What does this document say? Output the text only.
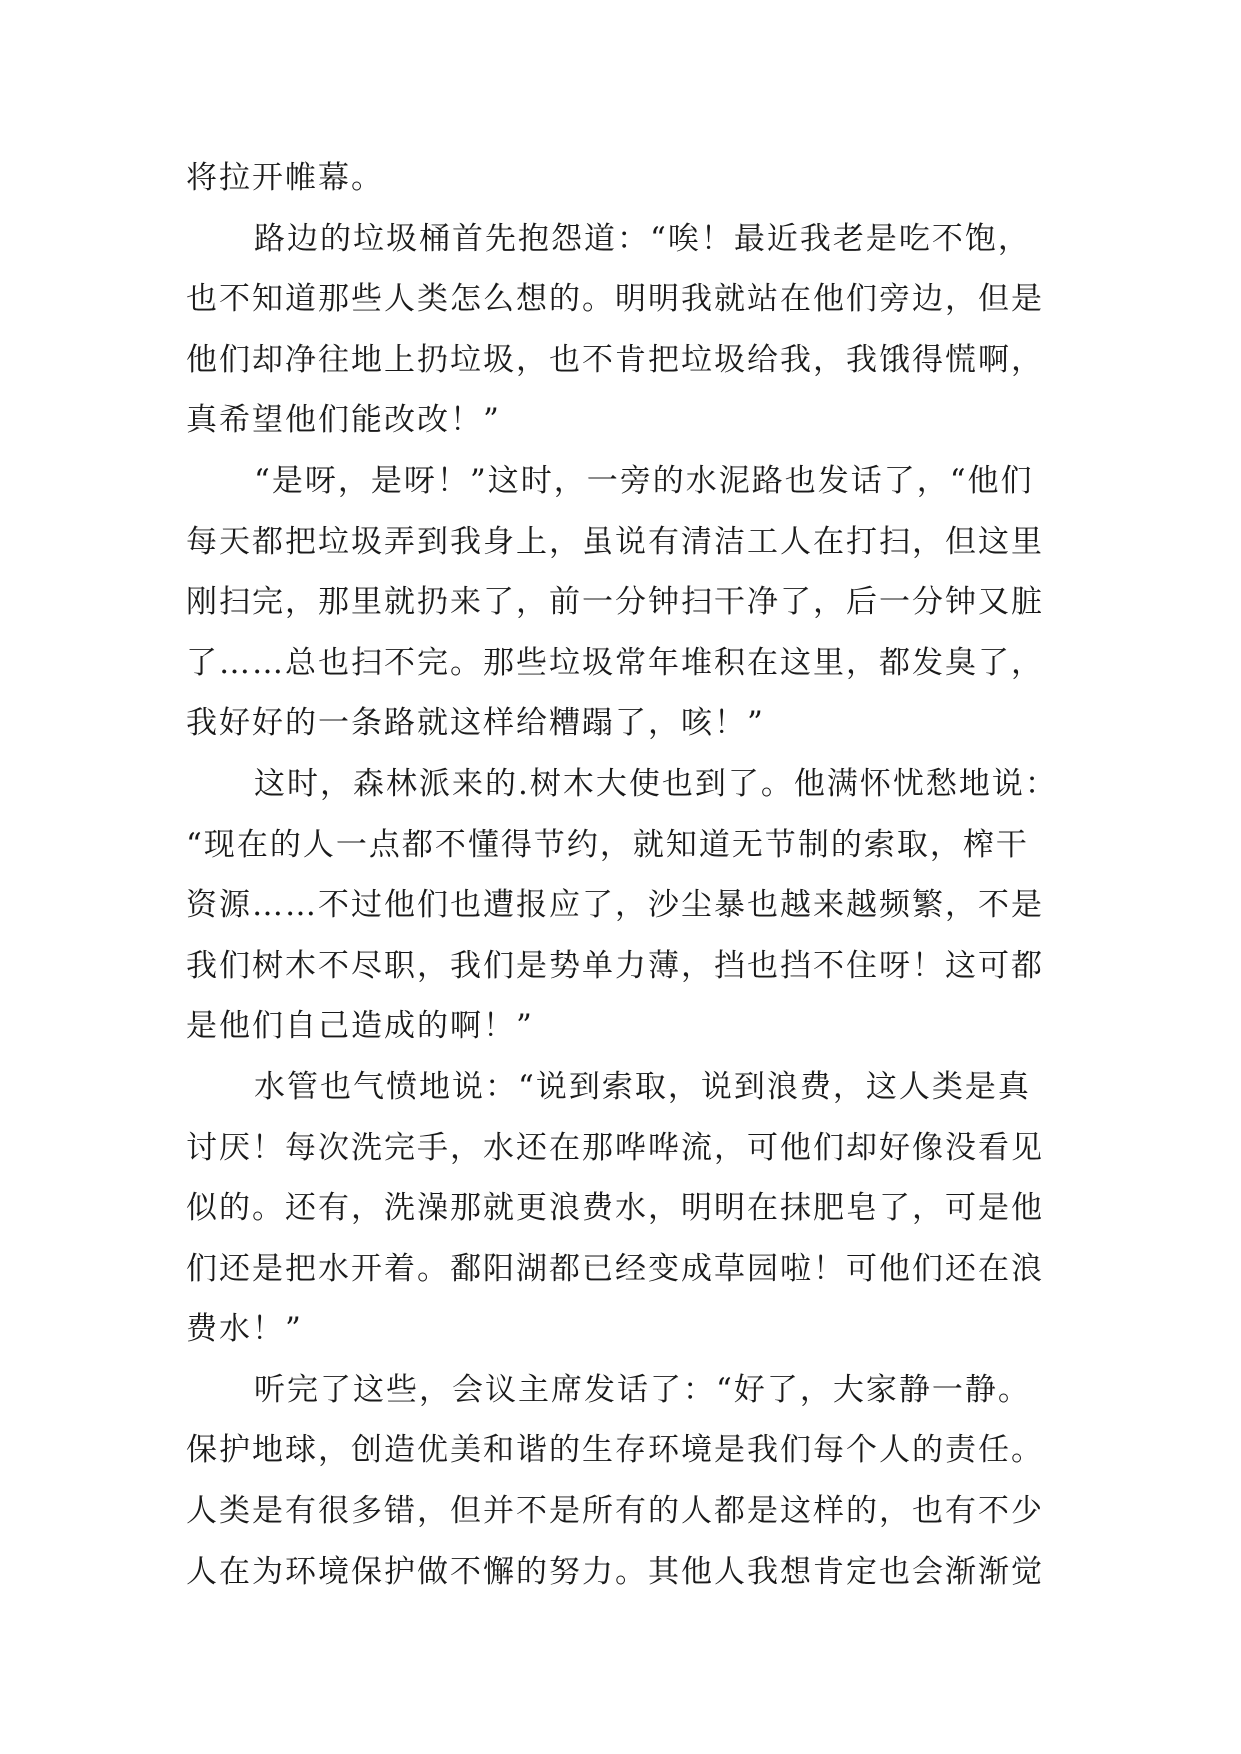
将拉开帷幕。
路边的垃圾桶首先抱怨道：“唉！最近我老是吃不饱，
也不知道那些人类怎么想的。明明我就站在他们旁边，但是
他们却净往地上扔垃圾，也不肯把垃圾给我，我饿得慌啊，
真希望他们能改改！”
“是呀，是呀！”这时，一旁的水泥路也发话了，“他们
每天都把垃圾弄到我身上，虽说有清洁工人在打扫，但这里
刚扫完，那里就扔来了，前一分钟扫干净了，后一分钟又脏
了……总也扫不完。那些垃圾常年堆积在这里，都发臭了，
我好好的一条路就这样给糟蹋了，咳！”
这时，森林派来的.树木大使也到了。他满怀忧愁地说：
“现在的人一点都不懂得节约，就知道无节制的索取，榨干
资源……不过他们也遭报应了，沙尘暴也越来越频繁，不是
我们树木不尽职，我们是势单力薄，挡也挡不住呀！这可都
是他们自己造成的啊！”
水管也气愤地说：“说到索取，说到浪费，这人类是真
讨厌！每次洗完手，水还在那哗哗流，可他们却好像没看见
似的。还有，洗澡那就更浪费水，明明在抹肥皂了，可是他
们还是把水开着。鄱阳湖都已经变成草园啦！可他们还在浪
费水！”
听完了这些，会议主席发话了：“好了，大家静一静。
保护地球，创造优美和谐的生存环境是我们每个人的责任。
人类是有很多错，但并不是所有的人都是这样的，也有不少
人在为环境保护做不懈的努力。其他人我想肯定也会渐渐觉
